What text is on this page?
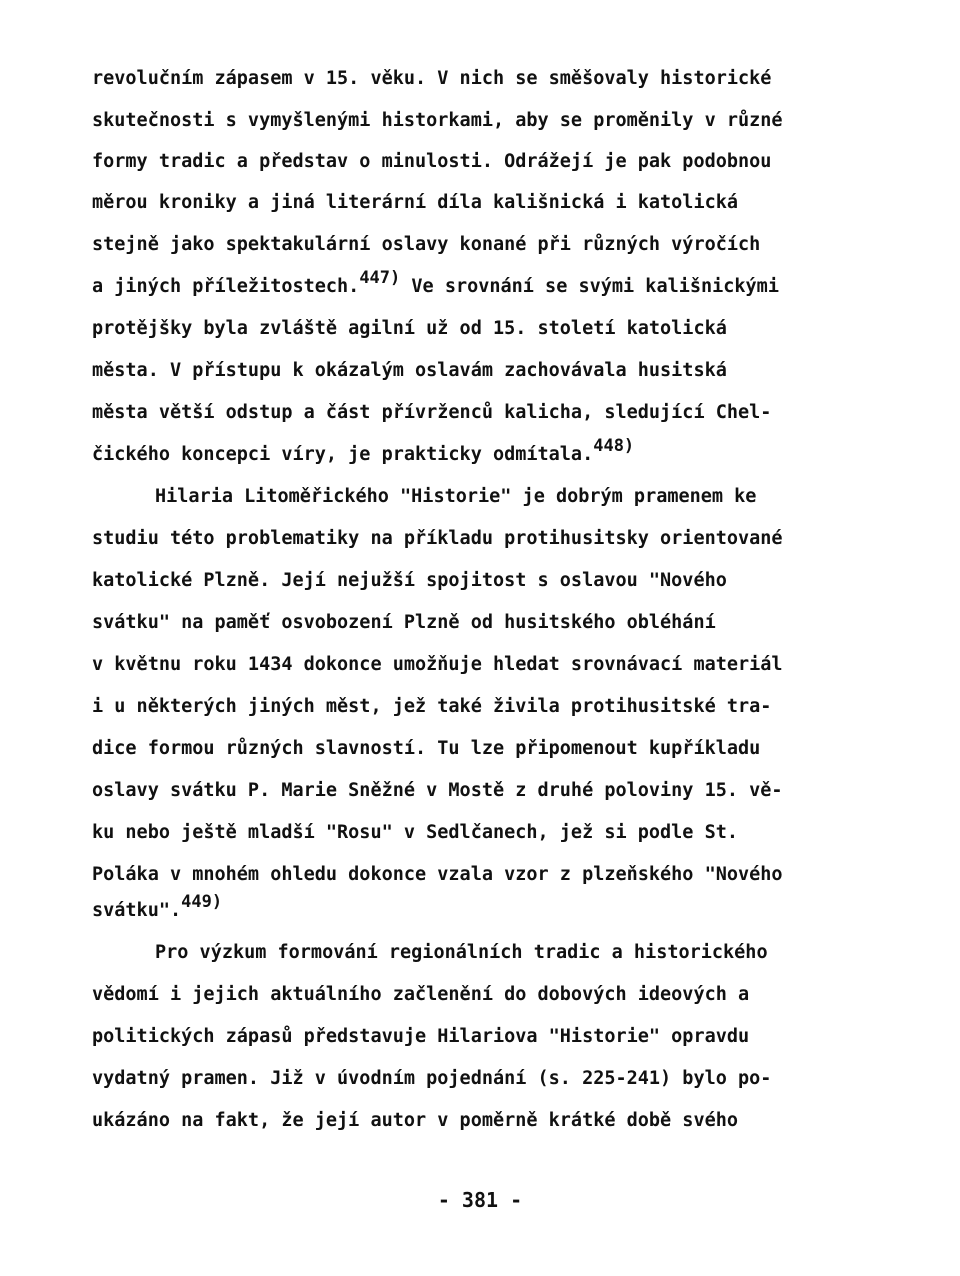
revolučním zápasem v 15. věku. V nich se směšovaly historické
skutečnosti s vymyšlenými historkami, aby se proměnily v různé
formy tradic a představ o minulosti. Odrážejí je pak podobnou
měrou kroniky a jiná literární díla kališnická i katolická
stejně jako spektakulární oslavy konané při různých výročích
a jiných příležitostech.$^{447)}$ Ve srovnání se svými kališnickými
protějšky byla zvláště agilní už od 15. století katolická
města. V přístupu k okázalým oslavám zachovávala husitská
města větší odstup a část přívrženců kalicha, sledující Chel-
čického koncepci víry, je prakticky odmítala.$^{448)}$
Hilaria Litoměřického "Historie" je dobrým pramenem ke
studiu této problematiky na příkladu protihusitsky orientované
katolické Plzně. Její nejužší spojitost s oslavou "Nového
svátku" na paměť osvobození Plzně od husitského obléhání
v květnu roku 1434 dokonce umožňuje hledat srovnávací materiál
i u některých jiných měst, jež také živila protihusitské tra-
dice formou různých slavností. Tu lze připomenout kupříkladu
oslavy svátku P. Marie Sněžné v Mostě z druhé poloviny 15. vě-
ku nebo ještě mladší "Rosu" v Sedlčanech, jež si podle St.
Poláka v mnohém ohledu dokonce vzala vzor z plzeňského "Nového
svátku".$^{449)}$
Pro výzkum formování regionálních tradic a historického
vědomí i jejich aktuálního začlenění do dobových ideových a
politických zápasů představuje Hilariova "Historie" opravdu
vydatný pramen. Již v úvodním pojednání (s. 225-241) bylo po-
ukázáno na fakt, že její autor v poměrně krátké době svého
- 381 -
